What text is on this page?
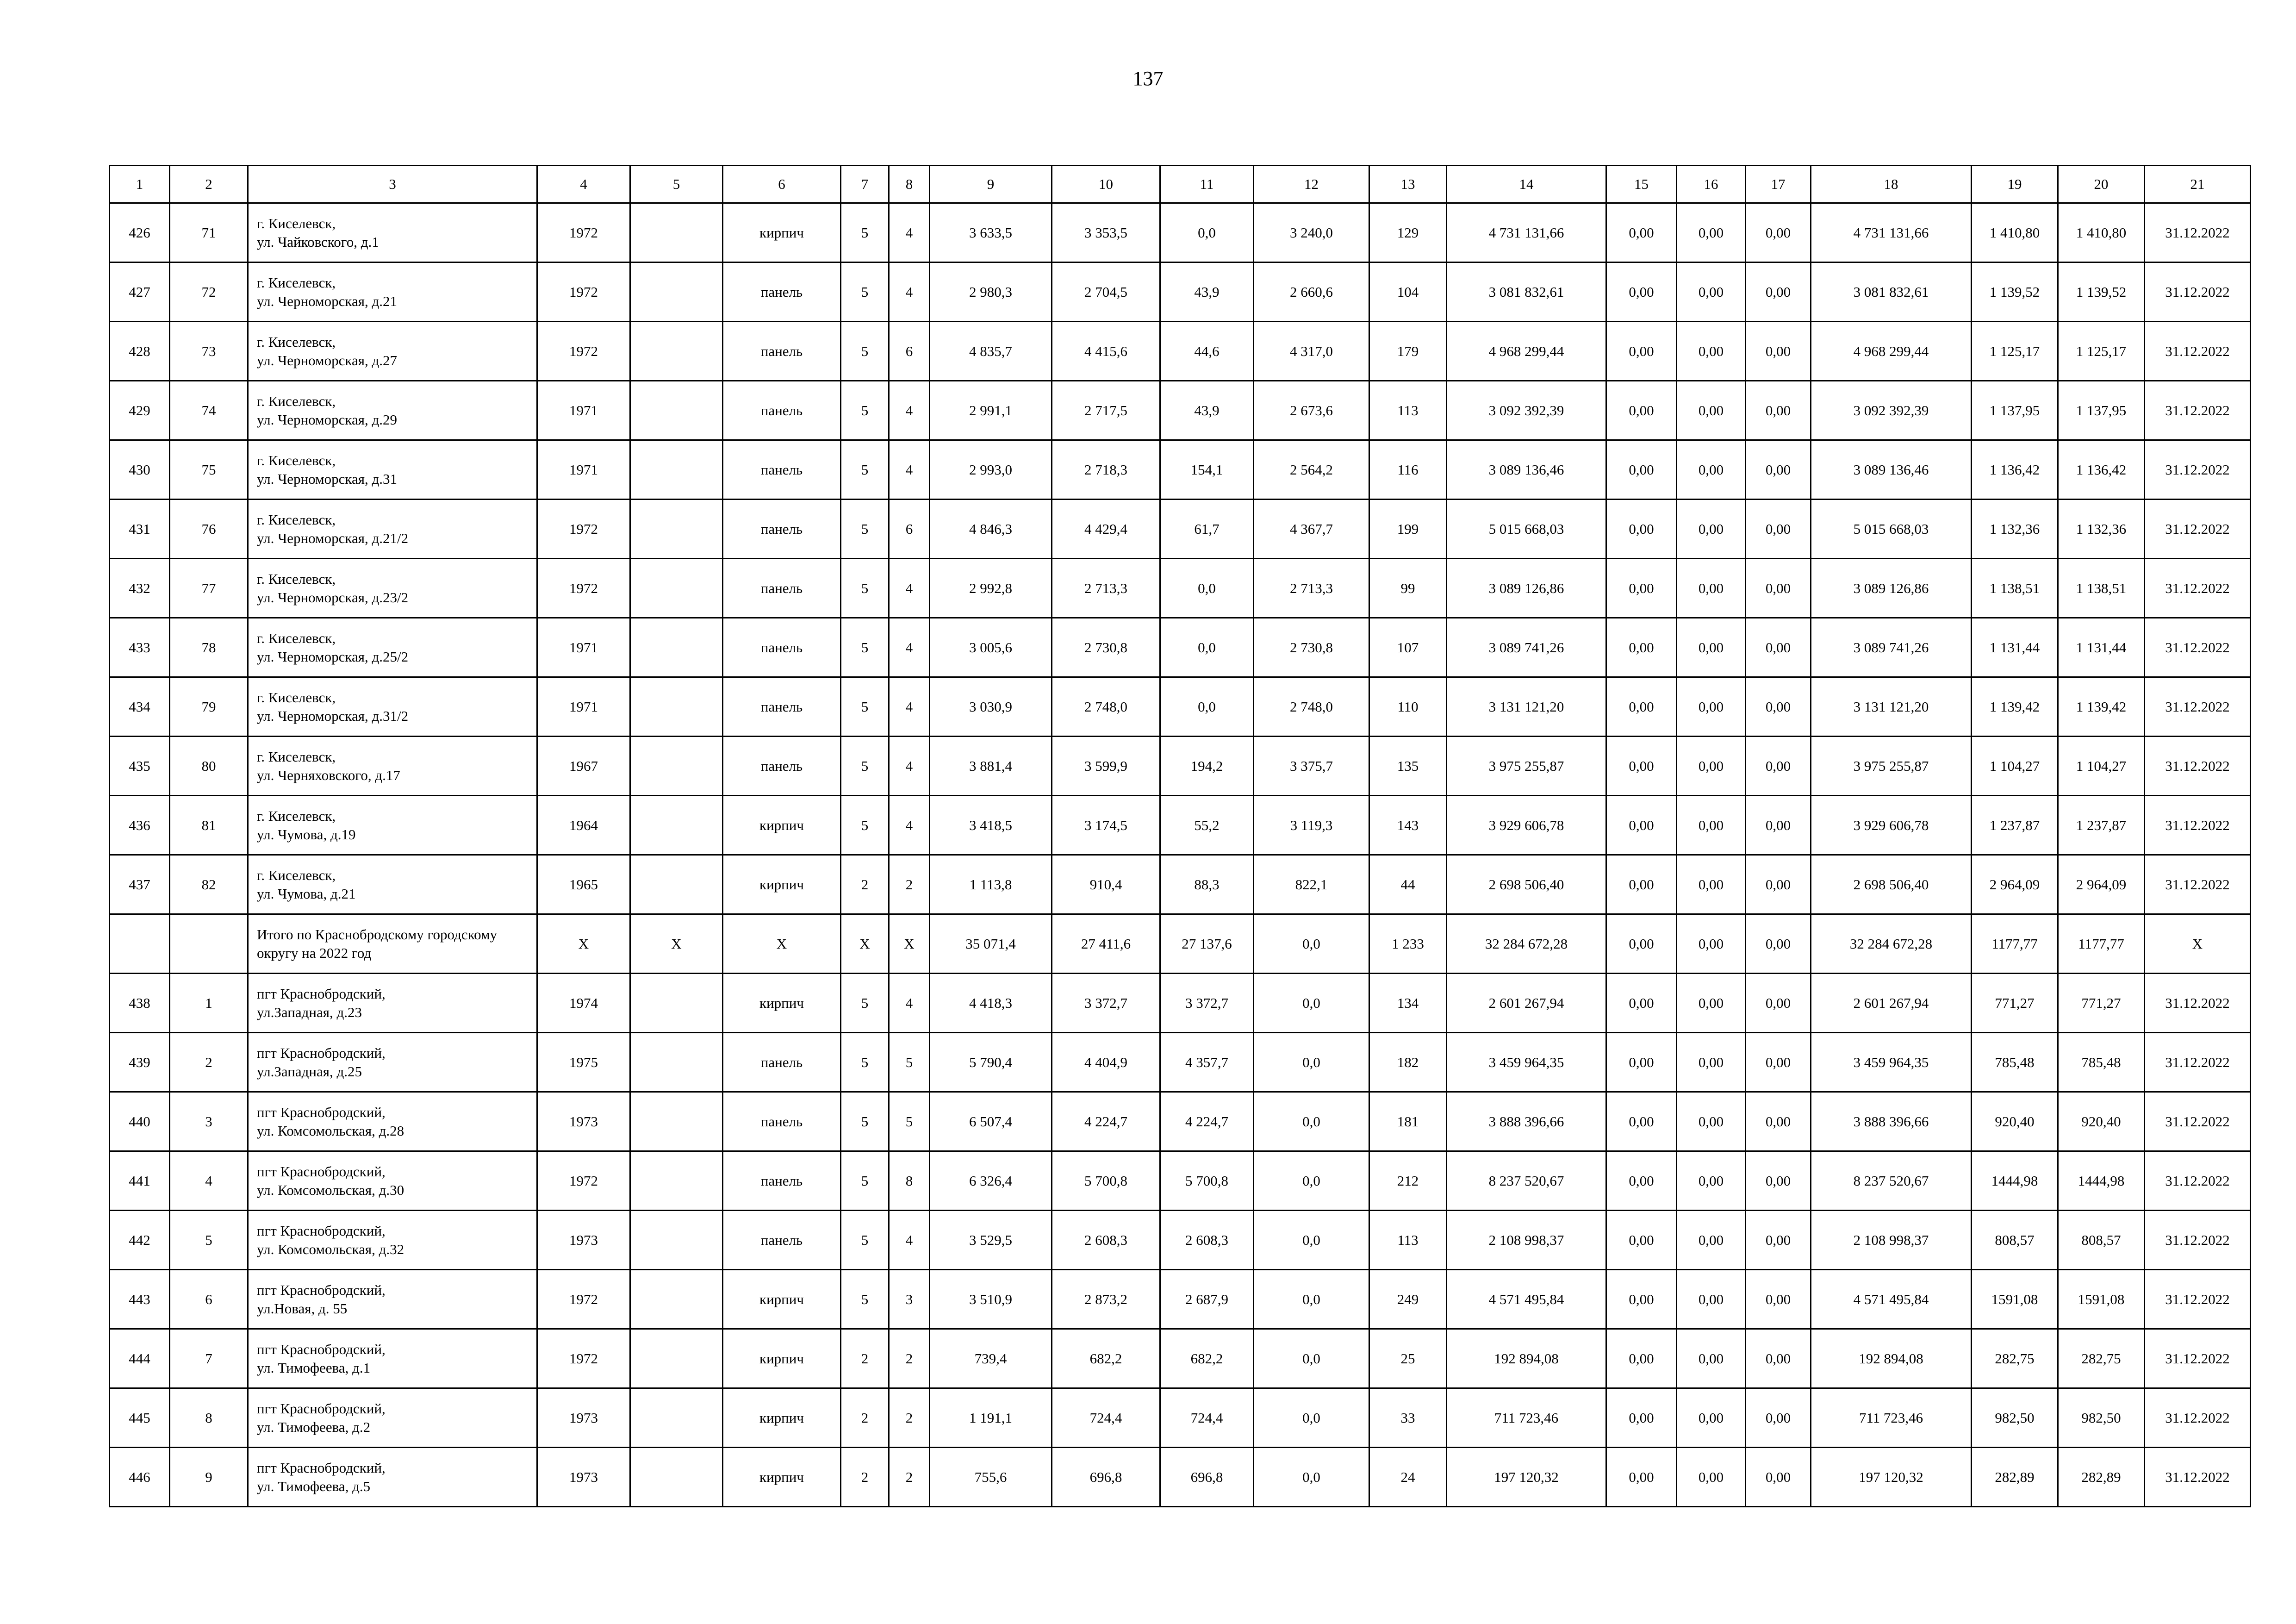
137
1	2	3	4	5	6	7	8	9	10	11	12	13	14	15	16	17	18	19	20	21
426	71	г. Киселевск,
ул. Чайковского, д.1	1972		кирпич	5	4	3 633,5	3 353,5	0,0	3 240,0	129	4 731 131,66	0,00	0,00	0,00	4 731 131,66	1 410,80	1 410,80	31.12.2022
427	72	г. Киселевск,
ул. Черноморская, д.21	1972		панель	5	4	2 980,3	2 704,5	43,9	2 660,6	104	3 081 832,61	0,00	0,00	0,00	3 081 832,61	1 139,52	1 139,52	31.12.2022
428	73	г. Киселевск,
ул. Черноморская, д.27	1972		панель	5	6	4 835,7	4 415,6	44,6	4 317,0	179	4 968 299,44	0,00	0,00	0,00	4 968 299,44	1 125,17	1 125,17	31.12.2022
429	74	г. Киселевск,
ул. Черноморская, д.29	1971		панель	5	4	2 991,1	2 717,5	43,9	2 673,6	113	3 092 392,39	0,00	0,00	0,00	3 092 392,39	1 137,95	1 137,95	31.12.2022
430	75	г. Киселевск,
ул. Черноморская, д.31	1971		панель	5	4	2 993,0	2 718,3	154,1	2 564,2	116	3 089 136,46	0,00	0,00	0,00	3 089 136,46	1 136,42	1 136,42	31.12.2022
431	76	г. Киселевск,
ул. Черноморская, д.21/2	1972		панель	5	6	4 846,3	4 429,4	61,7	4 367,7	199	5 015 668,03	0,00	0,00	0,00	5 015 668,03	1 132,36	1 132,36	31.12.2022
432	77	г. Киселевск,
ул. Черноморская, д.23/2	1972		панель	5	4	2 992,8	2 713,3	0,0	2 713,3	99	3 089 126,86	0,00	0,00	0,00	3 089 126,86	1 138,51	1 138,51	31.12.2022
433	78	г. Киселевск,
ул. Черноморская, д.25/2	1971		панель	5	4	3 005,6	2 730,8	0,0	2 730,8	107	3 089 741,26	0,00	0,00	0,00	3 089 741,26	1 131,44	1 131,44	31.12.2022
434	79	г. Киселевск,
ул. Черноморская, д.31/2	1971		панель	5	4	3 030,9	2 748,0	0,0	2 748,0	110	3 131 121,20	0,00	0,00	0,00	3 131 121,20	1 139,42	1 139,42	31.12.2022
435	80	г. Киселевск,
ул. Черняховского, д.17	1967		панель	5	4	3 881,4	3 599,9	194,2	3 375,7	135	3 975 255,87	0,00	0,00	0,00	3 975 255,87	1 104,27	1 104,27	31.12.2022
436	81	г. Киселевск,
ул. Чумова, д.19	1964		кирпич	5	4	3 418,5	3 174,5	55,2	3 119,3	143	3 929 606,78	0,00	0,00	0,00	3 929 606,78	1 237,87	1 237,87	31.12.2022
437	82	г. Киселевск,
ул. Чумова, д.21	1965		кирпич	2	2	1 113,8	910,4	88,3	822,1	44	2 698 506,40	0,00	0,00	0,00	2 698 506,40	2 964,09	2 964,09	31.12.2022

		Итого по Краснобродскому городскому
округу на 2022 год	Х	Х	Х	Х	Х	35 071,4	27 411,6	27 137,6	0,0	1 233	32 284 672,28	0,00	0,00	0,00	32 284 672,28	1177,77	1177,77	Х
438	1	пгт Краснобродский,
ул.Западная, д.23	1974		кирпич	5	4	4 418,3	3 372,7	3 372,7	0,0	134	2 601 267,94	0,00	0,00	0,00	2 601 267,94	771,27	771,27	31.12.2022
439	2	пгт Краснобродский,
ул.Западная, д.25	1975		панель	5	5	5 790,4	4 404,9	4 357,7	0,0	182	3 459 964,35	0,00	0,00	0,00	3 459 964,35	785,48	785,48	31.12.2022
440	3	пгт Краснобродский,
ул. Комсомольская, д.28	1973		панель	5	5	6 507,4	4 224,7	4 224,7	0,0	181	3 888 396,66	0,00	0,00	0,00	3 888 396,66	920,40	920,40	31.12.2022
441	4	пгт Краснобродский,
ул. Комсомольская, д.30	1972		панель	5	8	6 326,4	5 700,8	5 700,8	0,0	212	8 237 520,67	0,00	0,00	0,00	8 237 520,67	1444,98	1444,98	31.12.2022
442	5	пгт Краснобродский,
ул. Комсомольская, д.32	1973		панель	5	4	3 529,5	2 608,3	2 608,3	0,0	113	2 108 998,37	0,00	0,00	0,00	2 108 998,37	808,57	808,57	31.12.2022
443	6	пгт Краснобродский,
ул.Новая, д. 55	1972		кирпич	5	3	3 510,9	2 873,2	2 687,9	0,0	249	4 571 495,84	0,00	0,00	0,00	4 571 495,84	1591,08	1591,08	31.12.2022
444	7	пгт Краснобродский,
ул. Тимофеева, д.1	1972		кирпич	2	2	739,4	682,2	682,2	0,0	25	192 894,08	0,00	0,00	0,00	192 894,08	282,75	282,75	31.12.2022
445	8	пгт Краснобродский,
ул. Тимофеева, д.2	1973		кирпич	2	2	1 191,1	724,4	724,4	0,0	33	711 723,46	0,00	0,00	0,00	711 723,46	982,50	982,50	31.12.2022
446	9	пгт Краснобродский,
ул. Тимофеева, д.5	1973		кирпич	2	2	755,6	696,8	696,8	0,0	24	197 120,32	0,00	0,00	0,00	197 120,32	282,89	282,89	31.12.2022
